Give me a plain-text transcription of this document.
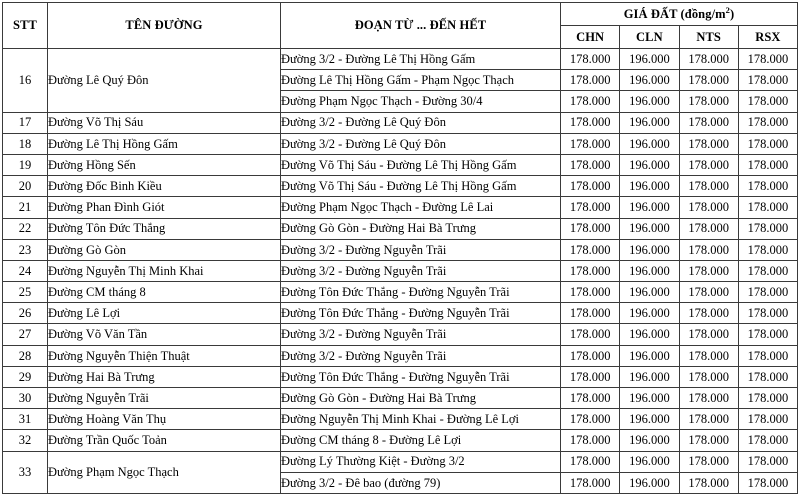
STT	TÊN ĐƯỜNG	ĐOẠN TỪ ... ĐẾN HẾT	GIÁ ĐẤT $(đồng/m^2)$			
			CHN	CLN	NTS	RSX
16	Đường Lê Quý Đôn	Đường 3/2 - Đường Lê Thị Hồng Gấm	178.000	196.000	178.000	178.000
		Đường Lê Thị Hồng Gấm - Phạm Ngọc Thạch	178.000	196.000	178.000	178.000
		Đường Phạm Ngọc Thạch - Đường 30/4	178.000	196.000	178.000	178.000
17	Đường Võ Thị Sáu	Đường 3/2 - Đường Lê Quý Đôn	178.000	196.000	178.000	178.000
18	Đường Lê Thị Hồng Gấm	Đường 3/2 - Đường Lê Quý Đôn	178.000	196.000	178.000	178.000
19	Đường Hồng Sến	Đường Võ Thị Sáu - Đường Lê Thị Hồng Gấm	178.000	196.000	178.000	178.000
20	Đường Đốc Binh Kiều	Đường Võ Thị Sáu - Đường Lê Thị Hồng Gấm	178.000	196.000	178.000	178.000
21	Đường Phan Đình Giót	Đường Phạm Ngọc Thạch - Đường Lê Lai	178.000	196.000	178.000	178.000
22	Đường Tôn Đức Thắng	Đường Gò Gòn - Đường Hai Bà Trưng	178.000	196.000	178.000	178.000
23	Đường Gò Gòn	Đường 3/2 - Đường Nguyễn Trãi	178.000	196.000	178.000	178.000
24	Đường Nguyễn Thị Minh Khai	Đường 3/2 - Đường Nguyễn Trãi	178.000	196.000	178.000	178.000
25	Đường CM tháng 8	Đường Tôn Đức Thắng - Đường Nguyễn Trãi	178.000	196.000	178.000	178.000
26	Đường Lê Lợi	Đường Tôn Đức Thắng - Đường Nguyễn Trãi	178.000	196.000	178.000	178.000
27	Đường Võ Văn Tần	Đường 3/2 - Đường Nguyễn Trãi	178.000	196.000	178.000	178.000
28	Đường Nguyễn Thiện Thuật	Đường 3/2 - Đường Nguyễn Trãi	178.000	196.000	178.000	178.000
29	Đường Hai Bà Trưng	Đường Tôn Đức Thắng - Đường Nguyễn Trãi	178.000	196.000	178.000	178.000
30	Đường Nguyễn Trãi	Đường Gò Gòn - Đường Hai Bà Trưng	178.000	196.000	178.000	178.000
31	Đường Hoàng Văn Thụ	Đường Nguyễn Thị Minh Khai - Đường Lê Lợi	178.000	196.000	178.000	178.000
32	Đường Trần Quốc Toản	Đường CM tháng 8 - Đường Lê Lợi	178.000	196.000	178.000	178.000
33	Đường Phạm Ngọc Thạch	Đường Lý Thường Kiệt - Đường 3/2	178.000	196.000	178.000	178.000
		Đường 3/2 - Đê bao (đường 79)	178.000	196.000	178.000	178.000
